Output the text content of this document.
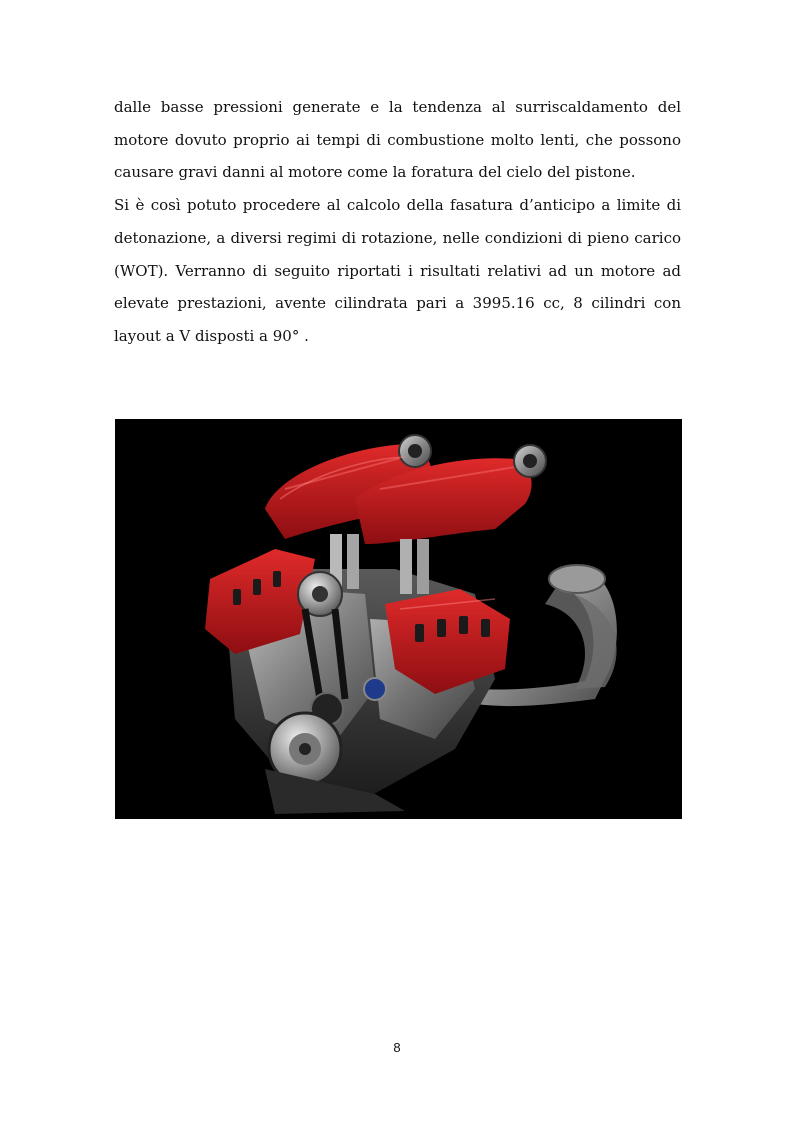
dalle basse pressioni generate e la tendenza al surriscaldamento del motore dovuto proprio ai tempi di combustione molto lenti, che possono causare gravi danni al motore come la foratura del cielo del pistone.

Si è così potuto procedere al calcolo della fasatura d’anticipo a limite di detonazione, a diversi regimi di rotazione, nelle condizioni di pieno carico (WOT). Verranno di seguito riportati i risultati relativi ad un motore ad elevate prestazioni, avente cilindrata pari a 3995.16 cc, 8 cilindri con layout a V disposti a 90° .

8
